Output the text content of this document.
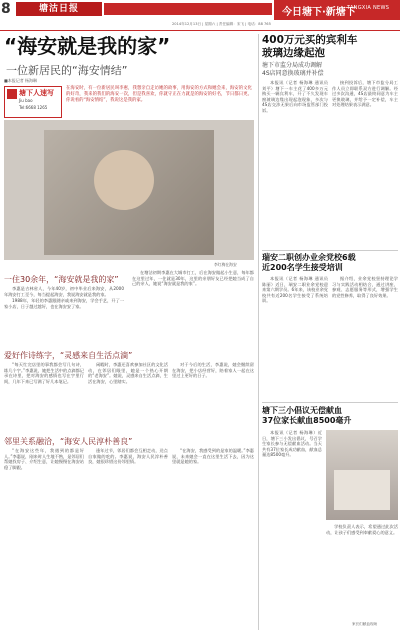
8	塘沽日报	今日塘下·新塘下
TANGXIA NEWS
2014年12月13日 | 星期六 | 责任编辑：宋飞 | 电话：88 765
“海安就是我的家”
一位新居民的“海安情结”
■本报记者 杨海琳
塘下人速写
Jiu bao
Tel:6668 1265
在海安时，有一位新居民叫李惠，我想亲自走访她的故事，用海安的方式和她会来，海安的文化的好奇，我来的我们的海安一次，但是我喜欢，你就守正在力就是的海安的好名，节日都日更。你说看的“海安情结”，我说这是我的家。
李红梅在海安
一住30余年，“海安就是我的家”

李惠是吉林省人，今年40岁，初中毕业后来海安，从2000年海安打工至今，每当提起海安，我说海安就是我的家。

1988年，年轻的李惠跟随亲戚来到海安，学会手艺，开了一家小店，日子越过越好，也在海安安了家。

在塘沽初期李惠在大城市打工，后在海安做起小生意，每年都在这里过年，一住就是30年，这里的亲朋好友已经把她当成了自己的亲人，她说“海安就是我的家”。

爱好作诗练字，“灵感来自生活点滴”

“每天忙完店里的事我都会写几句诗，练几个字。”李惠说，她把生活中的点滴都记录在诗里，把对海安的感情也写在字里行间，几年下来已写满了好几本笔记。

闲暇时，李惠还喜欢参加社区的文化活动，在邻居们眼里，她是一个热心开朗的“老海安”。她说，灵感来自生活点滴，生活在海安，心里踏实。

对于今后的生活，李惠说，她会继续留在海安，把小店经营好，陪着家人一起在这里过上更好的日子。

邻里关系融洽，“海安人民淳朴善良”

“在海安这些年，我遇到的都是好人。”李惠说，刚来时人生地不熟，是邻居们帮她找房子、介绍生意，让她慢慢在海安站稳了脚跟。

逢年过节，邻居们都会互相走动，送点自家做的吃的。李惠说，海安人民淳朴善良，她很珍惜这份邻里情。

“在海安，我感受到的是家的温暖。”李惠说，未来她会一直在这里生活下去，因为这里就是她的家。

400万元买的宾利车
玻璃边缘起泡
塘下市监分局成功调解
4S店同意换玻璃并补偿

本报讯（记者 杨海琳 通讯员 刘平）塘下一车主花了400多万元购买一辆宾利车，开了不久发现车窗玻璃边缘出现起泡现象，多次与4S店交涉无果后向市场监管部门投诉。

接到投诉后，塘下市监分局工作人员立即联系双方进行调解。经过多次沟通，4S店最终同意为车主更换玻璃，并给予一定补偿，车主对处理结果表示满意。

瑞安二职创办业余党校6载
近200名学生接受培训

本报讯（记者 杨海琳 通讯员 陈丽）近日，瑞安二职业余党校迎来第六期学员。6年来，该校业余党校共有近200名学生接受了系统培训。

据介绍，业余党校坚持理论学习与实践活动相结合，通过讲座、参观、志愿服务等形式，增强学生的党性修养，取得了良好效果。

塘下三小倡议无偿献血
37位家长献血8500毫升

本报讯（记者 杨海琳）近日，塘下三小发出倡议，号召学生家长参与无偿献血活动。当天共有37位家长成功献血，献血总量达8500毫升。

家长们献血现场

学校负责人表示，希望通过此次活动，让孩子们感受到奉献爱心的意义。
